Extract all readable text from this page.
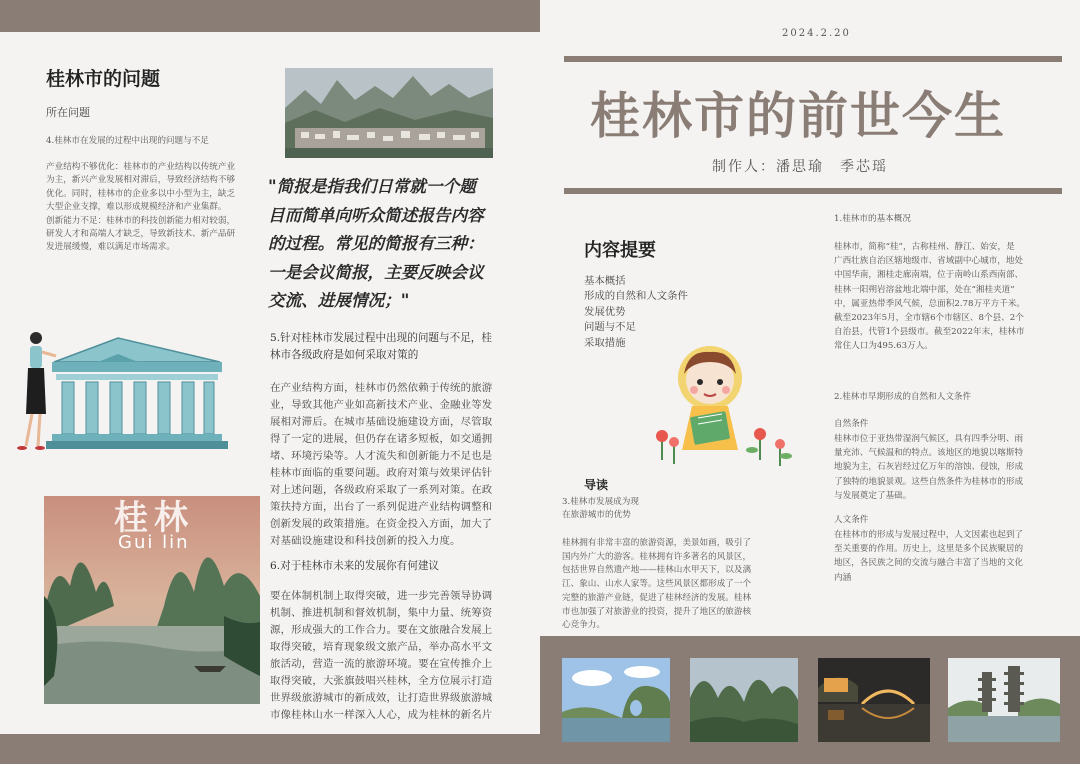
桂林市的问题
所在问题
4.桂林市在发展的过程中出现的问题与不足
产业结构不够优化：桂林市的产业结构以传统产业
为主，新兴产业发展相对滞后，导致经济结构不够
优化。同时，桂林市的企业多以中小型为主，缺乏
大型企业支撑，难以形成规模经济和产业集群。
创新能力不足：桂林市的科技创新能力相对较弱，
研发人才和高端人才缺乏，导致新技术、新产品研
发进展缓慢，难以满足市场需求。
"简报是指我们日常就一个题
目而简单向听众简述报告内容
的过程。常见的简报有三种：
一是会议简报，主要反映会议
交流、进展情况；"
桂林
Gui lin
5.针对桂林市发展过程中出现的问题与不足，桂
林市各级政府是如何采取对策的
在产业结构方面，桂林市仍然依赖于传统的旅游
业，导致其他产业如高新技术产业、金融业等发
展相对滞后。在城市基础设施建设方面，尽管取
得了一定的进展，但仍存在诸多短板，如交通拥
堵、环境污染等。人才流失和创新能力不足也是
桂林市面临的重要问题。政府对策与效果评估针
对上述问题，各级政府采取了一系列对策。在政
策扶持方面，出台了一系列促进产业结构调整和
创新发展的政策措施。在资金投入方面，加大了
对基础设施建设和科技创新的投入力度。
6.对于桂林市未来的发展你有何建议
要在体制机制上取得突破，进一步完善领导协调
机制、推进机制和督效机制，集中力量、统筹资
源，形成强大的工作合力。要在文旅融合发展上
取得突破，培育现象级文旅产品，举办高水平文
旅活动，营造一流的旅游环境。要在宣传推介上
取得突破，大张旗鼓唱兴桂林，全方位展示打造
世界级旅游城市的新成效，让打造世界级旅游城
市像桂林山水一样深入人心，成为桂林的新名片
2024.2.20
桂林市的前世今生
制作人：潘思瑜　季芯瑶
内容提要
基本概括
形成的自然和人文条件
发展优势
问题与不足
采取措施
导读
3.桂林市发展成为现
在旅游城市的优势
桂林拥有非常丰富的旅游资源，美景如画，吸引了
国内外广大的游客。桂林拥有许多著名的风景区，
包括世界自然遗产地——桂林山水甲天下，以及漓
江、象山、山水人家等。这些风景区都形成了一个
完整的旅游产业链，促进了桂林经济的发展。桂林
市也加强了对旅游业的投资，提升了地区的旅游核
心竞争力。
1.桂林市的基本概况
桂林市，简称“桂”，古称桂州、静江、始安，是
广西壮族自治区辖地级市、省域副中心城市，地处
中国华南，湘桂走廊南端，位于南岭山系西南部、
桂林一阳朔岩溶盆地北端中部，处在“湘桂夹道”
中，属亚热带季风气候，总面积2.78万平方千米。
截至2023年5月，全市辖6个市辖区、8个县、2个
自治县，代管1个县级市。截至2022年末，桂林市
常住人口为495.63万人。
2.桂林市早期形成的自然和人文条件
自然条件
桂林市位于亚热带湿润气候区，具有四季分明、雨
量充沛、气候温和的特点。该地区的地貌以喀斯特
地貌为主，石灰岩经过亿万年的溶蚀、侵蚀，形成
了独特的地貌景观。这些自然条件为桂林市的形成
与发展奠定了基础。
人文条件
在桂林市的形成与发展过程中，人文因素也起到了
至关重要的作用。历史上，这里是多个民族聚居的
地区，各民族之间的交流与融合丰富了当地的文化
内涵
